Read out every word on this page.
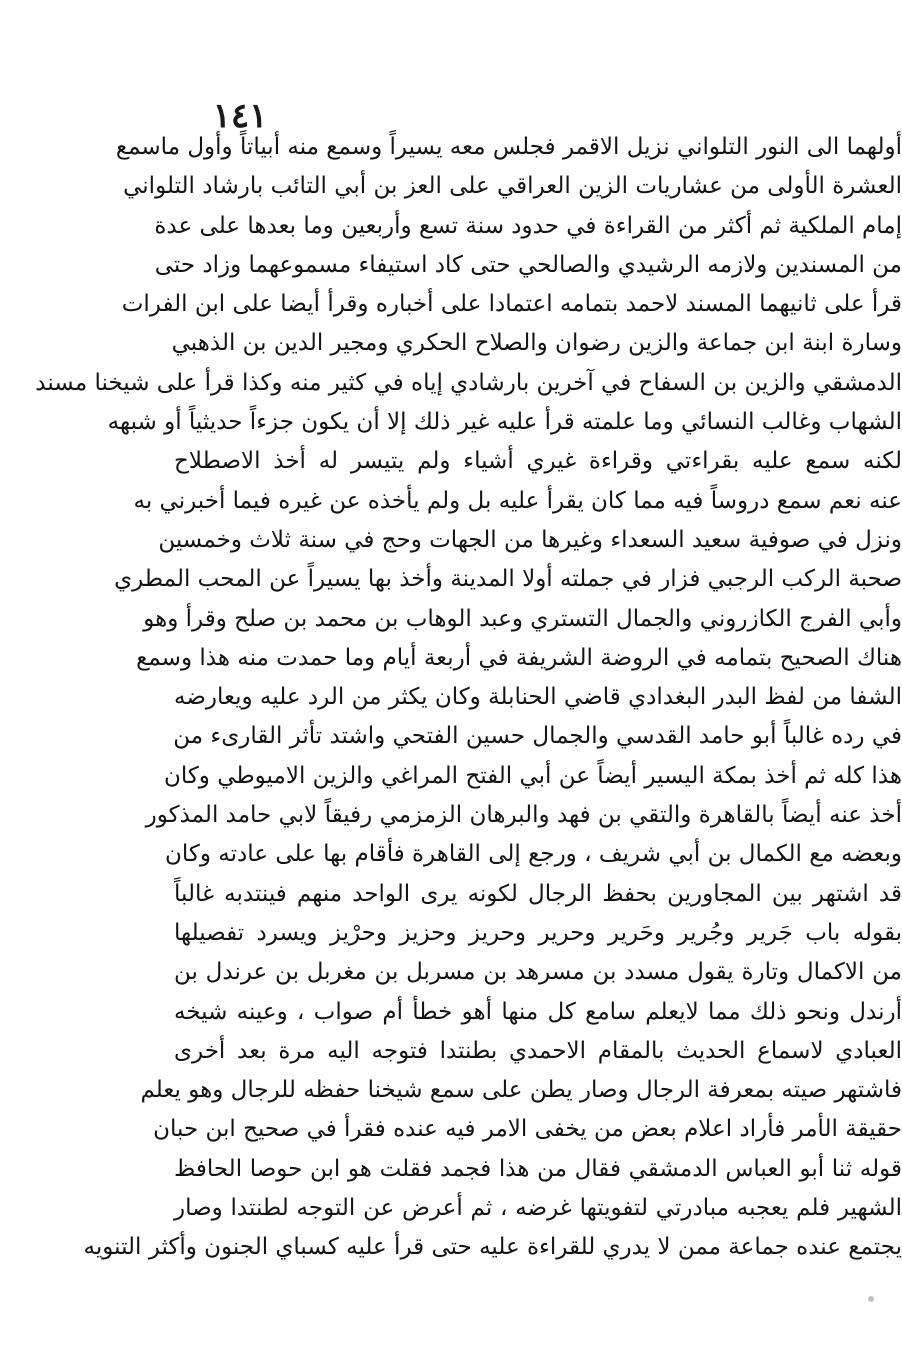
١٤١
أولهما الى النور التلواني نزيل الاقمر فجلس معه يسيراً وسمع منه أبياتاً وأول ماسمع
العشرة الأولى من عشاريات الزين العراقي على العز بن أبي التائب بارشاد التلواني
إمام الملكية ثم أكثر من القراءة في حدود سنة تسع وأربعين وما بعدها على عدة
من المسندين ولازمه الرشيدي والصالحي حتى كاد استيفاء مسموعهما وزاد حتى
قرأ على ثانيهما المسند لاحمد بتمامه اعتمادا على أخباره وقرأ أيضا على ابن الفرات
وسارة ابنة ابن جماعة والزين رضوان والصلاح الحكري ومجير الدين بن الذهبي
الدمشقي والزين بن السفاح في آخرين بارشادي إياه في كثير منه وكذا قرأ على شيخنا مسند
الشهاب وغالب النسائي وما علمته قرأ عليه غير ذلك إلا أن يكون جزءاً حديثياً أو شبهه
لكنه سمع عليه بقراءتي وقراءة غيري أشياء ولم يتيسر له أخذ الاصطلاح
عنه نعم سمع دروساً فيه مما كان يقرأ عليه بل ولم يأخذه عن غيره فيما أخبرني به
ونزل في صوفية سعيد السعداء وغيرها من الجهات وحج في سنة ثلاث وخمسين
صحبة الركب الرجبي فزار في جملته أولا المدينة وأخذ بها يسيراً عن المحب المطري
وأبي الفرج الكازروني والجمال التستري وعبد الوهاب بن محمد بن صلح وقرأ وهو
هناك الصحيح بتمامه في الروضة الشريفة في أربعة أيام وما حمدت منه هذا وسمع
الشفا من لفظ البدر البغدادي قاضي الحنابلة وكان يكثر من الرد عليه ويعارضه
في رده غالباً أبو حامد القدسي والجمال حسين الفتحي واشتد تأثر القارىء من
هذا كله ثم أخذ بمكة اليسير أيضاً عن أبي الفتح المراغي والزين الاميوطي وكان
أخذ عنه أيضاً بالقاهرة والتقي بن فهد والبرهان الزمزمي رفيقاً لابي حامد المذكور
وبعضه مع الكمال بن أبي شريف ، ورجع إلى القاهرة فأقام بها على عادته وكان
قد اشتهر بين المجاورين بحفظ الرجال لكونه يرى الواحد منهم فينتدبه غالباً
بقوله باب جَرير وجُرير وحَرير وحرير وحريز وحزيز وحرْيز ويسرد تفصيلها
من الاكمال وتارة يقول مسدد بن مسرهد بن مسربل بن مغربل بن عرندل بن
أرندل ونحو ذلك مما لايعلم سامع كل منها أهو خطأ أم صواب ، وعينه شيخه
العبادي لاسماع الحديث بالمقام الاحمدي بطنتدا فتوجه اليه مرة بعد أخرى
فاشتهر صيته بمعرفة الرجال وصار يطن على سمع شيخنا حفظه للرجال وهو يعلم
حقيقة الأمر فأراد اعلام بعض من يخفى الامر فيه عنده فقرأ في صحيح ابن حبان
قوله ثنا أبو العباس الدمشقي فقال من هذا فجمد فقلت هو ابن حوصا الحافظ
الشهير فلم يعجبه مبادرتي لتفويتها غرضه ، ثم أعرض عن التوجه لطنتدا وصار
يجتمع عنده جماعة ممن لا يدري للقراءة عليه حتى قرأ عليه كسباي الجنون وأكثر التنويه
